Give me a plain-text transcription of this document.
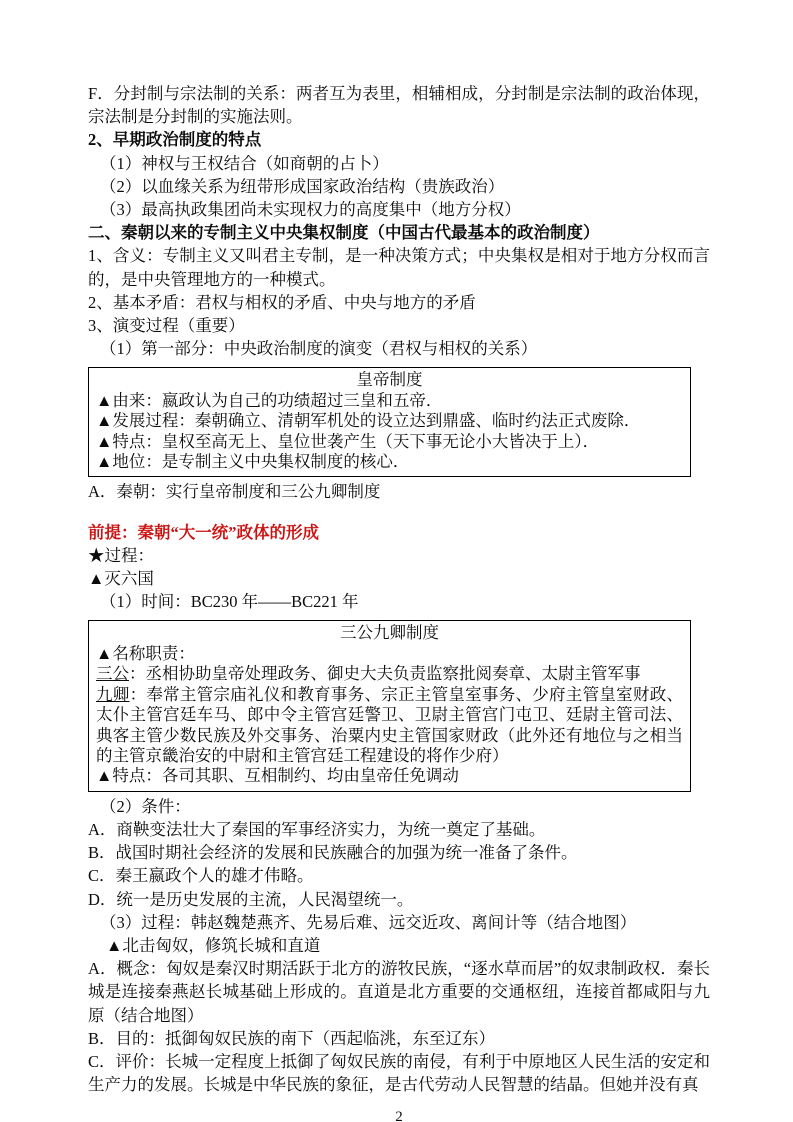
F．分封制与宗法制的关系：两者互为表里，相辅相成，分封制是宗法制的政治体现，宗法制是分封制的实施法则。
2、早期政治制度的特点
（1）神权与王权结合（如商朝的占卜）
（2）以血缘关系为纽带形成国家政治结构（贵族政治）
（3）最高执政集团尚未实现权力的高度集中（地方分权）
二、秦朝以来的专制主义中央集权制度（中国古代最基本的政治制度）
1、含义：专制主义又叫君主专制，是一种决策方式；中央集权是相对于地方分权而言的，是中央管理地方的一种模式。
2、基本矛盾：君权与相权的矛盾、中央与地方的矛盾
3、演变过程（重要）
（1）第一部分：中央政治制度的演变（君权与相权的关系）
皇帝制度
▲由来：嬴政认为自己的功绩超过三皇和五帝．
▲发展过程：秦朝确立、清朝军机处的设立达到鼎盛、临时约法正式废除．
▲特点：皇权至高无上、皇位世袭产生（天下事无论小大皆决于上）．
▲地位：是专制主义中央集权制度的核心．
A．秦朝：实行皇帝制度和三公九卿制度
前提：秦朝“大一统”政体的形成
★过程：
▲灭六国
（1）时间：BC230 年——BC221 年
三公九卿制度
▲名称职责：
三公：丞相协助皇帝处理政务、御史大夫负责监察批阅奏章、太尉主管军事
九卿：奉常主管宗庙礼仪和教育事务、宗正主管皇室事务、少府主管皇室财政、太仆主管宫廷车马、郎中令主管宫廷警卫、卫尉主管宫门屯卫、廷尉主管司法、典客主管少数民族及外交事务、治粟内史主管国家财政（此外还有地位与之相当的主管京畿治安的中尉和主管宫廷工程建设的将作少府）
▲特点：各司其职、互相制约、均由皇帝任免调动
（2）条件：
A．商鞅变法壮大了秦国的军事经济实力，为统一奠定了基础。
B．战国时期社会经济的发展和民族融合的加强为统一准备了条件。
C．秦王嬴政个人的雄才伟略。
D．统一是历史发展的主流，人民渴望统一。
（3）过程：韩赵魏楚燕齐、先易后难、远交近攻、离间计等（结合地图）
▲北击匈奴，修筑长城和直道
A．概念：匈奴是秦汉时期活跃于北方的游牧民族，“逐水草而居”的奴隶制政权．秦长城是连接秦燕赵长城基础上形成的。直道是北方重要的交通枢纽，连接首都咸阳与九原（结合地图）
B．目的：抵御匈奴民族的南下（西起临洮，东至辽东）
C．评价：长城一定程度上抵御了匈奴民族的南侵，有利于中原地区人民生活的安定和生产力的发展。长城是中华民族的象征，是古代劳动人民智慧的结晶。但她并没有真
2
